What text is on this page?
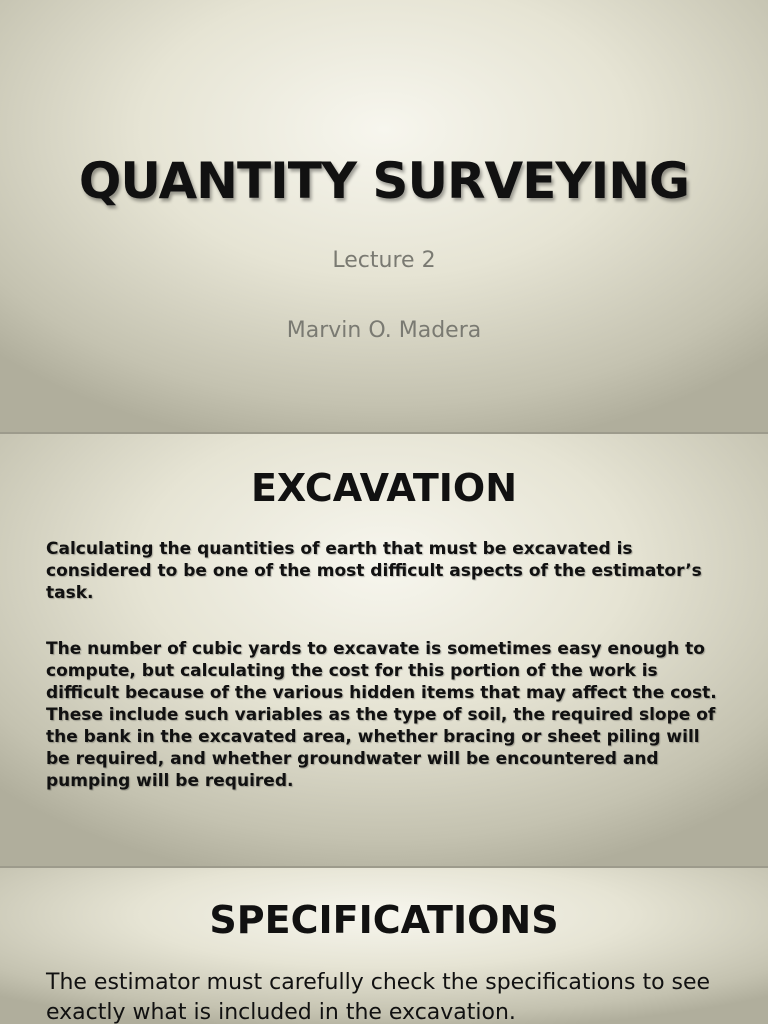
QUANTITY SURVEYING
Lecture 2
Marvin O. Madera
EXCAVATION
Calculating the quantities of earth that must be excavated is considered to be one of the most difficult aspects of the estimator’s task.
The number of cubic yards to excavate is sometimes easy enough to compute, but calculating the cost for this portion of the work is difficult because of the various hidden items that may affect the cost. These include such variables as the type of soil, the required slope of the bank in the excavated area, whether bracing or sheet piling will be required, and whether groundwater will be encountered and pumping will be required.
SPECIFICATIONS
The estimator must carefully check the specifications to see exactly what is included in the excavation.
